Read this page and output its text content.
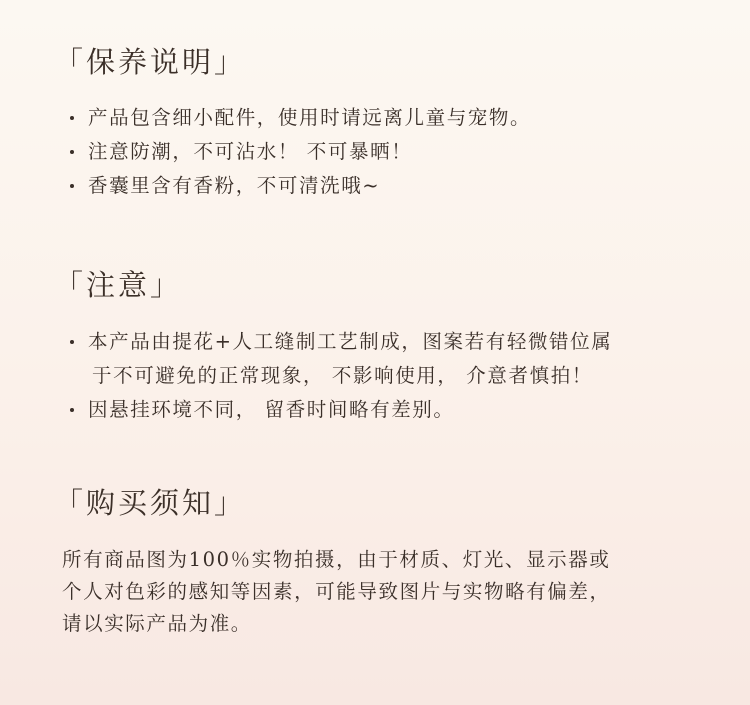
「保养说明」
产品包含细小配件，使用时请远离儿童与宠物。
注意防潮，不可沾水！ 不可暴晒！
香囊里含有香粉，不可清洗哦~
「注意」
本产品由提花+人工缝制工艺制成，图案若有轻微错位属
于不可避免的正常现象， 不影响使用， 介意者慎拍！
因悬挂环境不同， 留香时间略有差别。
「购买须知」
所有商品图为100％实物拍摄，由于材质、灯光、显示器或
个人对色彩的感知等因素，可能导致图片与实物略有偏差，
请以实际产品为准。
